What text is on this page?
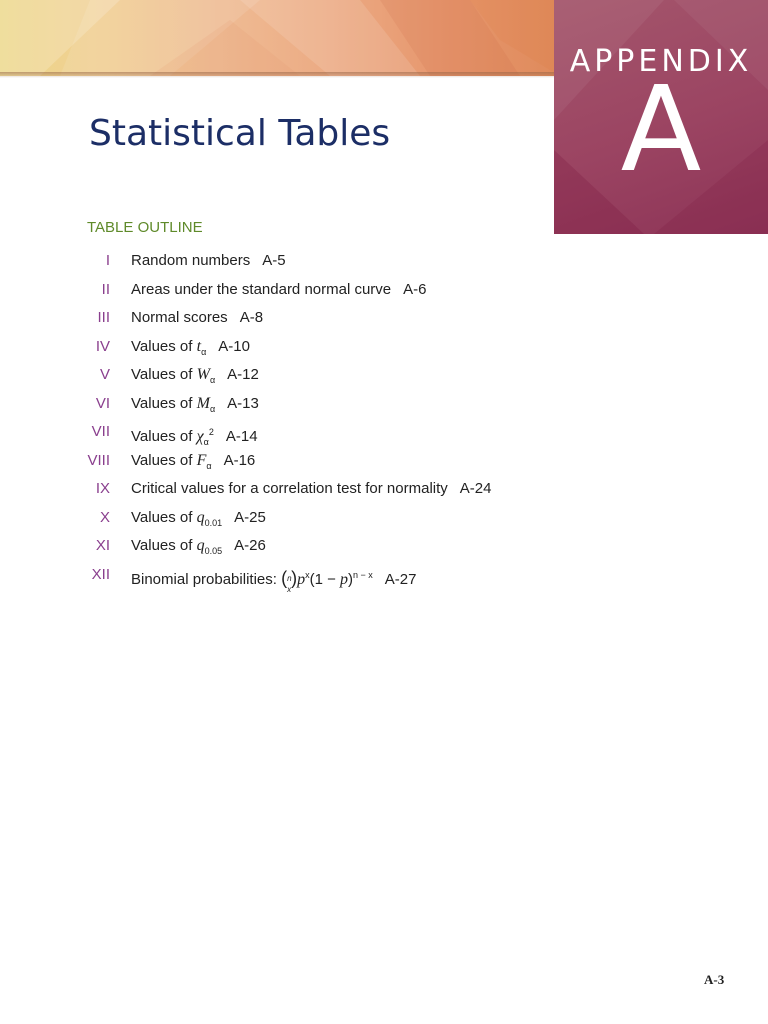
APPENDIX
A
Statistical Tables
TABLE OUTLINE
I Random numbers A-5
II Areas under the standard normal curve A-6
III Normal scores A-8
IV Values of $t_\alpha$ A-10
V Values of $W_\alpha$ A-12
VI Values of $M_\alpha$ A-13
VII Values of $\chi_\alpha^2$ A-14
VIII Values of $F_\alpha$ A-16
IX Critical values for a correlation test for normality A-24
X Values of $q_{0.01}$ A-25
XI Values of $q_{0.05}$ A-26
XII Binomial probabilities: ( n
x
) $p^x(1 - p)^{n - x}$ A-27
A-3
